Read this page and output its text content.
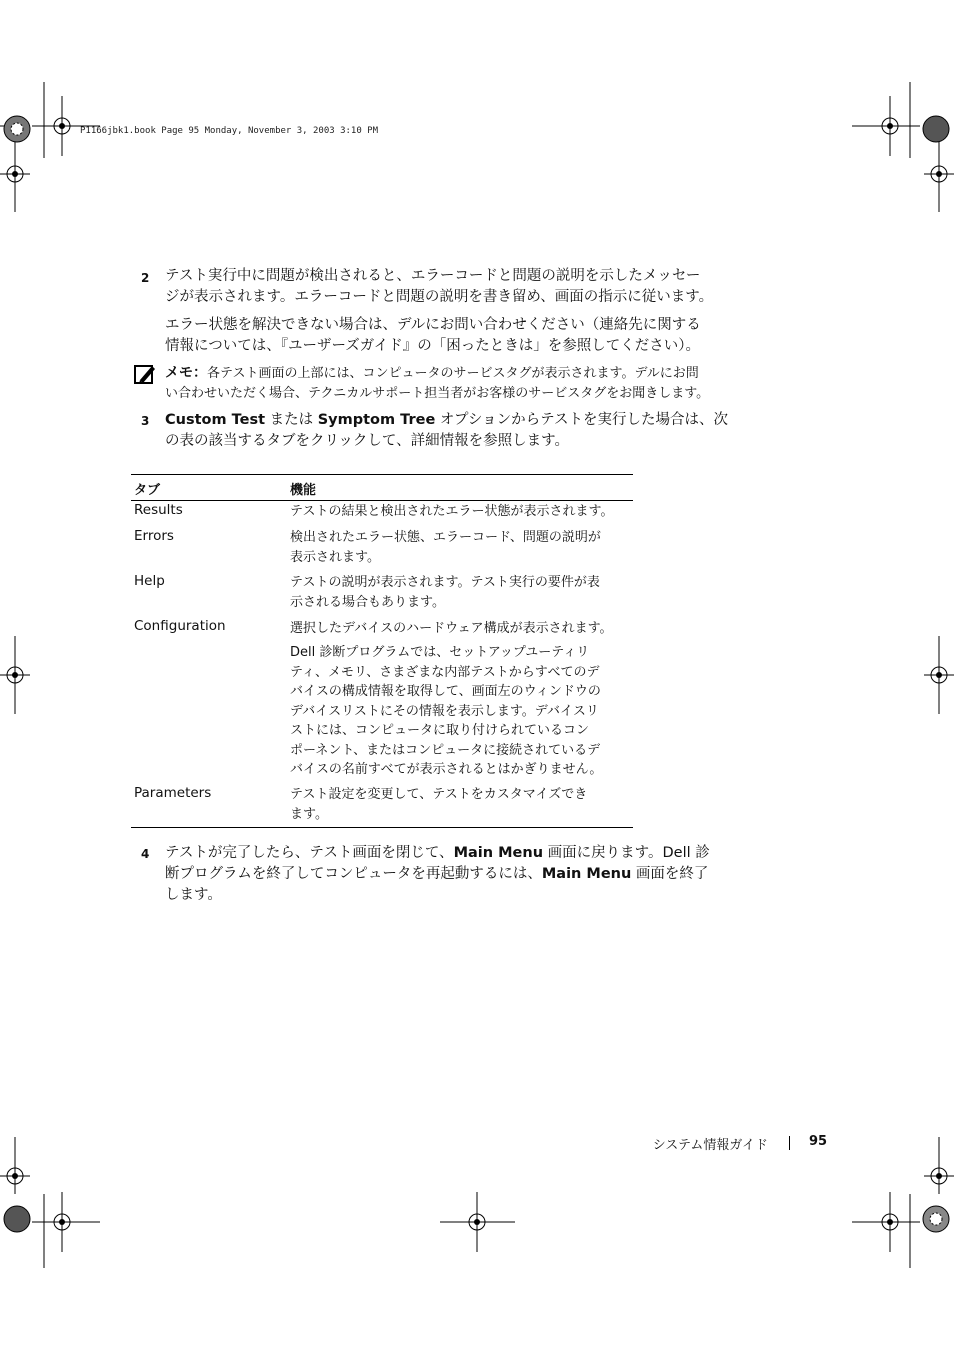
P1166jbk1.book Page 95 Monday, November 3, 2003 3:10 PM
2 テスト実行中に問題が検出されると、エラーコードと問題の説明を示したメッセー
ジが表示されます。エラーコードと問題の説明を書き留め、画面の指示に従います。
エラー状態を解決できない場合は、デルにお問い合わせください（連絡先に関する
情報については、『ユーザーズガイド』の「困ったときは」を参照してください）。
メモ：各テスト画面の上部には、コンピュータのサービスタグが表示されます。デルにお問
い合わせいただく場合、テクニカルサポート担当者がお客様のサービスタグをお聞きします。
3 Custom Test または Symptom Tree オプションからテストを実行した場合は、次
の表の該当するタブをクリックして、詳細情報を参照します。
タブ	機能
Results	テストの結果と検出されたエラー状態が表示されます。
Errors	検出されたエラー状態、エラーコード、問題の説明が
表示されます。
Help	テストの説明が表示されます。テスト実行の要件が表
示される場合もあります。
Configuration	選択したデバイスのハードウェア構成が表示されます。
Dell 診断プログラムでは、セットアップユーティリ
ティ、メモリ、さまざまな内部テストからすべてのデ
バイスの構成情報を取得して、画面左のウィンドウの
デバイスリストにその情報を表示します。デバイスリ
ストには、コンピュータに取り付けられているコン
ポーネント、またはコンピュータに接続されているデ
バイスの名前すべてが表示されるとはかぎりません。
Parameters	テスト設定を変更して、テストをカスタマイズでき
ます。
4 テストが完了したら、テスト画面を閉じて、Main Menu 画面に戻ります。Dell 診
断プログラムを終了してコンピュータを再起動するには、Main Menu 画面を終了
します。
システム情報ガイド	95
